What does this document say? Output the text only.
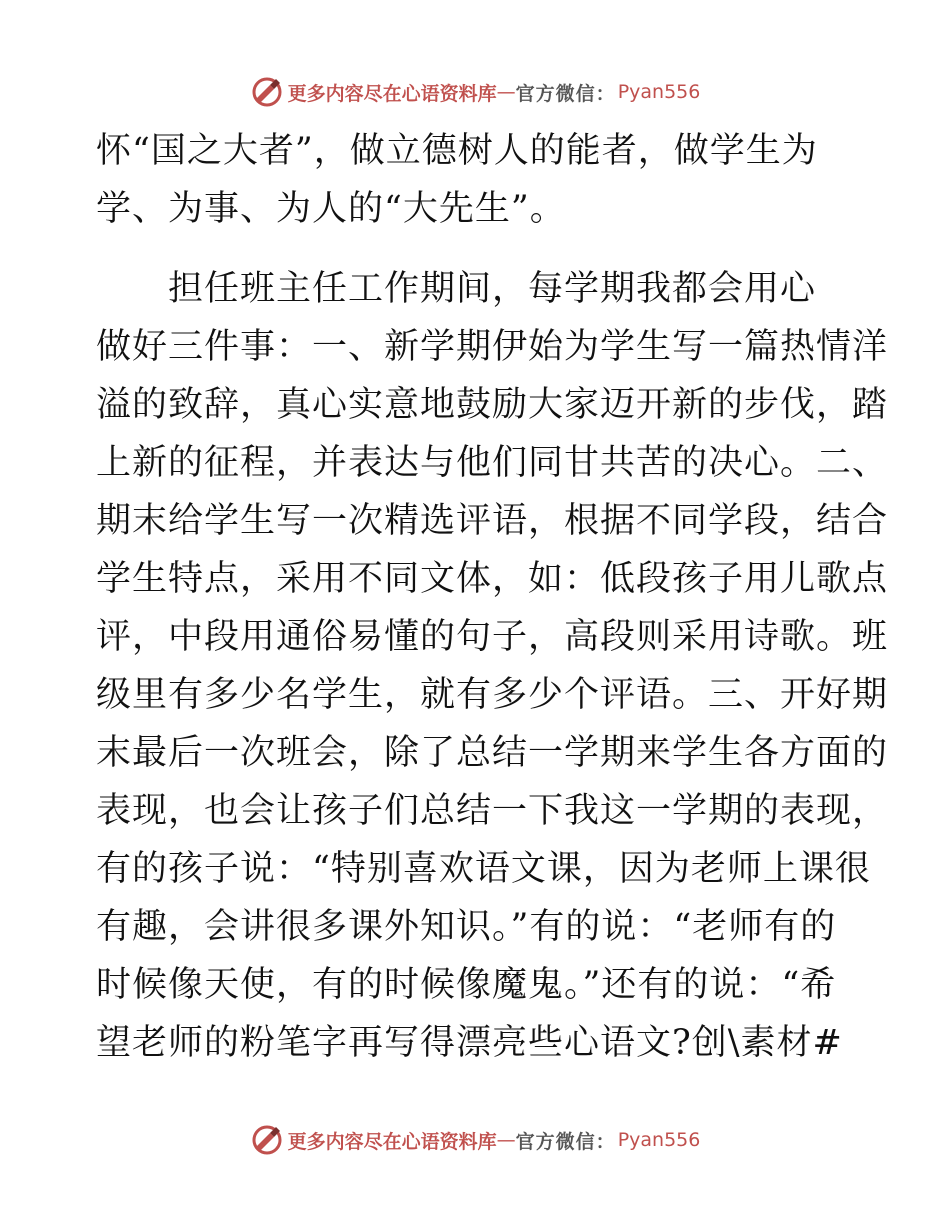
更多内容尽在心语资料库 — 官方微信： Pyan556

怀“国之大者”，做立德树人的能者，做学生为

学、为事、为人的“大先生”。

　　担任班主任工作期间，每学期我都会用心

做好三件事：一、新学期伊始为学生写一篇热情洋

溢的致辞，真心实意地鼓励大家迈开新的步伐，踏

上新的征程，并表达与他们同甘共苦的决心。二、

期末给学生写一次精选评语，根据不同学段，结合

学生特点，采用不同文体，如：低段孩子用儿歌点

评，中段用通俗易懂的句子，高段则采用诗歌。班

级里有多少名学生，就有多少个评语。三、开好期

末最后一次班会，除了总结一学期来学生各方面的

表现，也会让孩子们总结一下我这一学期的表现，

有的孩子说：“特别喜欢语文课，因为老师上课很

有趣，会讲很多课外知识。”有的说：“老师有的

时候像天使，有的时候像魔鬼。”还有的说：“希

望老师的粉笔字再写得漂亮些心语文?创\素材#

更多内容尽在心语资料库 — 官方微信： Pyan556
